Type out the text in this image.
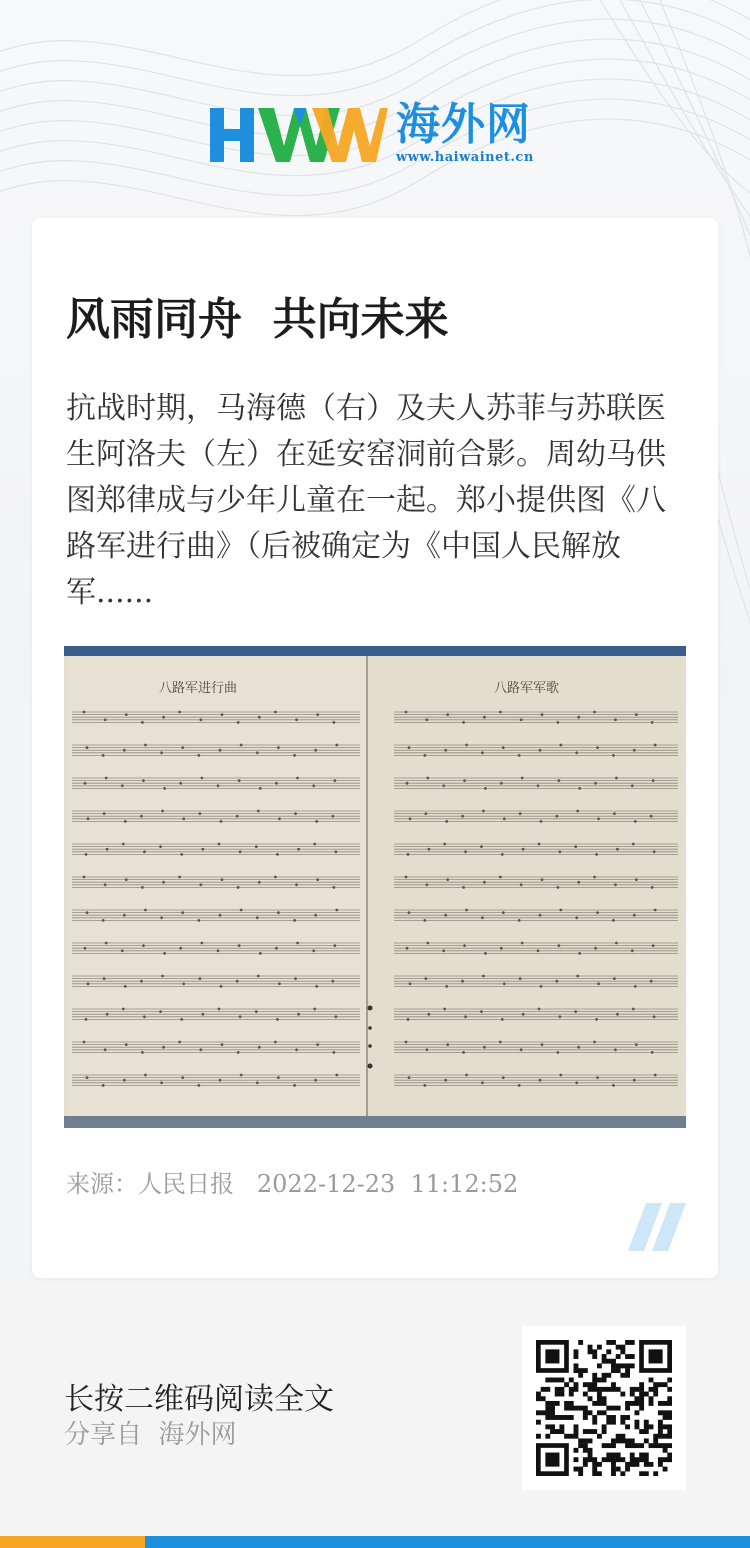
海外网
www.haiwainet.cn
风雨同舟  共向未来
抗战时期，马海德（右）及夫人苏菲与苏联医生阿洛夫（左）在延安窑洞前合影。周幼马供图郑律成与少年儿童在一起。郑小提供图《八路军进行曲》（后被确定为《中国人民解放军......
八路军进行曲	八路军军歌
来源：人民日报   2022-12-23  11:12:52
长按二维码阅读全文
分享自  海外网
